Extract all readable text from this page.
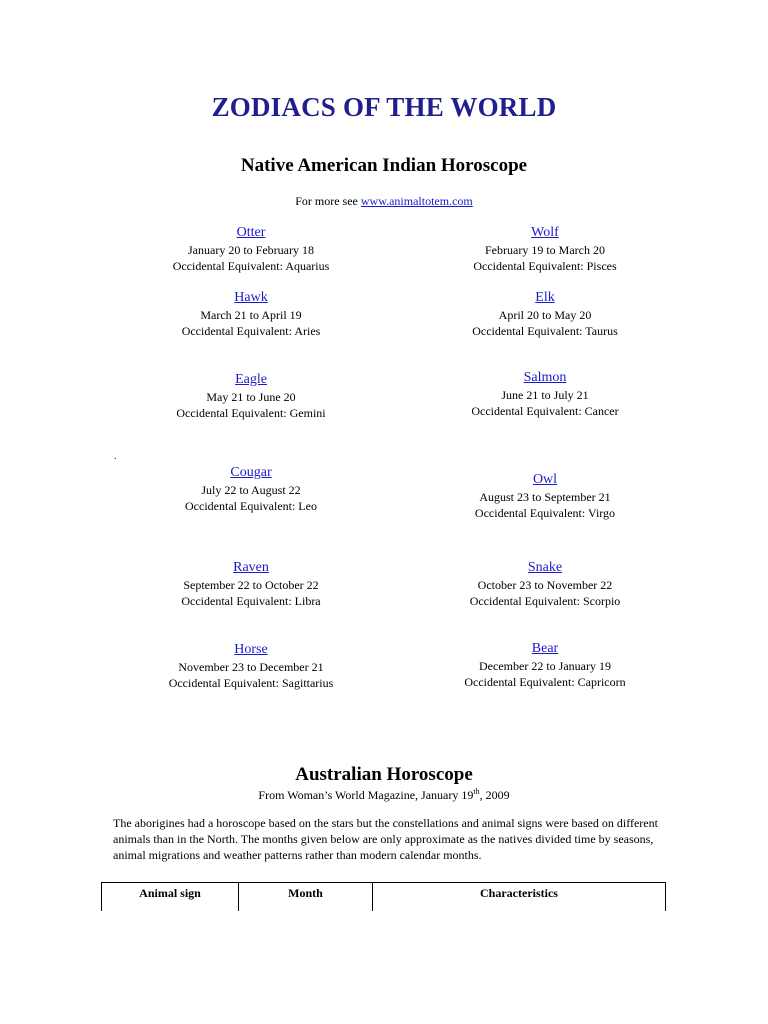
ZODIACS OF THE WORLD
Native American Indian Horoscope
For more see www.animaltotem.com
Otter
January 20 to February 18
Occidental Equivalent: Aquarius
Wolf
February 19 to March 20
Occidental Equivalent: Pisces
Hawk
March 21 to April 19
Occidental Equivalent: Aries
Elk
April 20 to May 20
Occidental Equivalent: Taurus
Eagle
May 21 to June 20
Occidental Equivalent: Gemini
Salmon
June 21 to July 21
Occidental Equivalent: Cancer
Cougar
July 22 to August 22
Occidental Equivalent: Leo
Owl
August 23 to September 21
Occidental Equivalent: Virgo
Raven
September 22 to October 22
Occidental Equivalent: Libra
Snake
October 23 to November 22
Occidental Equivalent: Scorpio
Horse
November 23 to December 21
Occidental Equivalent: Sagittarius
Bear
December 22 to January 19
Occidental Equivalent: Capricorn
.
Australian Horoscope
From Woman’s World Magazine, January 19th, 2009
The aborigines had a horoscope based on the stars but the constellations and animal signs were based on different animals than in the North. The months given below are only approximate as the natives divided time by seasons, animal migrations and weather patterns rather than modern calendar months.
Animal sign	Month	Characteristics
